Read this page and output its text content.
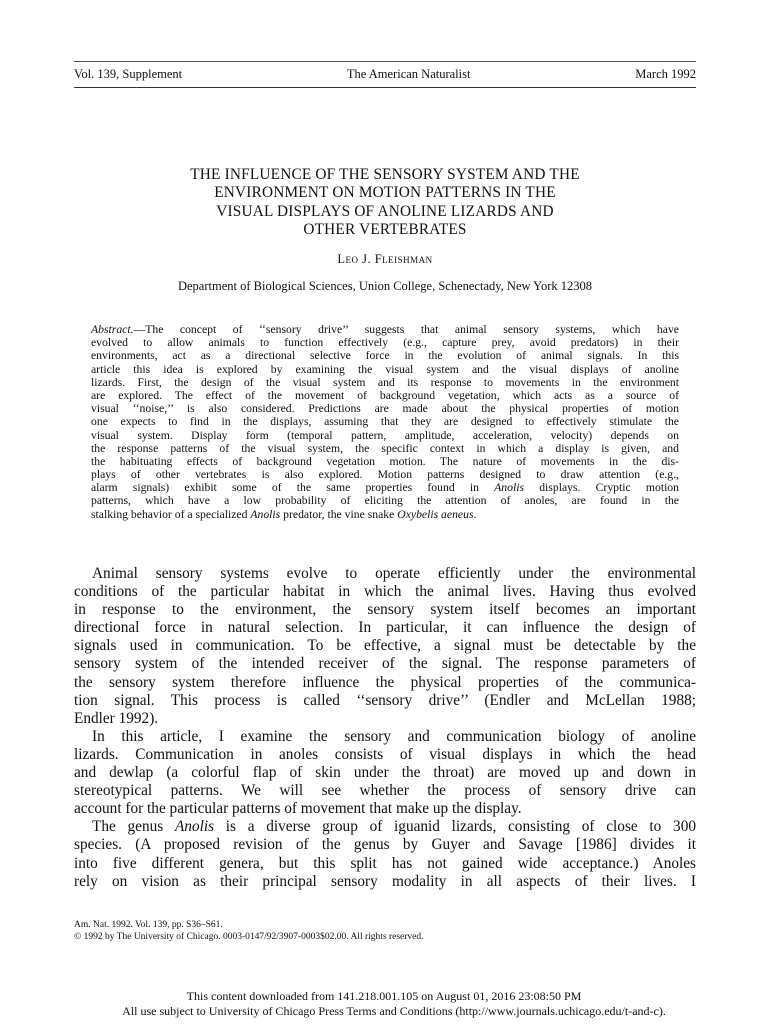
Vol. 139, Supplement	The American Naturalist	March 1992
THE INFLUENCE OF THE SENSORY SYSTEM AND THE
ENVIRONMENT ON MOTION PATTERNS IN THE
VISUAL DISPLAYS OF ANOLINE LIZARDS AND
OTHER VERTEBRATES
Leo J. Fleishman
Department of Biological Sciences, Union College, Schenectady, New York 12308
Abstract.—The concept of ‘‘sensory drive’’ suggests that animal sensory systems, which have
evolved to allow animals to function effectively (e.g., capture prey, avoid predators) in their
environments, act as a directional selective force in the evolution of animal signals. In this
article this idea is explored by examining the visual system and the visual displays of anoline
lizards. First, the design of the visual system and its response to movements in the environment
are explored. The effect of the movement of background vegetation, which acts as a source of
visual ‘‘noise,’’ is also considered. Predictions are made about the physical properties of motion
one expects to find in the displays, assuming that they are designed to effectively stimulate the
visual system. Display form (temporal pattern, amplitude, acceleration, velocity) depends on
the response patterns of the visual system, the specific context in which a display is given, and
the habituating effects of background vegetation motion. The nature of movements in the dis-
plays of other vertebrates is also explored. Motion patterns designed to draw attention (e.g.,
alarm signals) exhibit some of the same properties found in Anolis displays. Cryptic motion
patterns, which have a low probability of eliciting the attention of anoles, are found in the
stalking behavior of a specialized Anolis predator, the vine snake Oxybelis aeneus.
Animal sensory systems evolve to operate efficiently under the environmental
conditions of the particular habitat in which the animal lives. Having thus evolved
in response to the environment, the sensory system itself becomes an important
directional force in natural selection. In particular, it can influence the design of
signals used in communication. To be effective, a signal must be detectable by the
sensory system of the intended receiver of the signal. The response parameters of
the sensory system therefore influence the physical properties of the communica-
tion signal. This process is called ‘‘sensory drive’’ (Endler and McLellan 1988;
Endler 1992).
In this article, I examine the sensory and communication biology of anoline
lizards. Communication in anoles consists of visual displays in which the head
and dewlap (a colorful flap of skin under the throat) are moved up and down in
stereotypical patterns. We will see whether the process of sensory drive can
account for the particular patterns of movement that make up the display.
The genus Anolis is a diverse group of iguanid lizards, consisting of close to 300
species. (A proposed revision of the genus by Guyer and Savage [1986] divides it
into five different genera, but this split has not gained wide acceptance.) Anoles
rely on vision as their principal sensory modality in all aspects of their lives. I
Am. Nat. 1992. Vol. 139, pp. S36–S61.
© 1992 by The University of Chicago. 0003-0147/92/3907-0003$02.00. All rights reserved.
This content downloaded from 141.218.001.105 on August 01, 2016 23:08:50 PM
All use subject to University of Chicago Press Terms and Conditions (http://www.journals.uchicago.edu/t-and-c).
